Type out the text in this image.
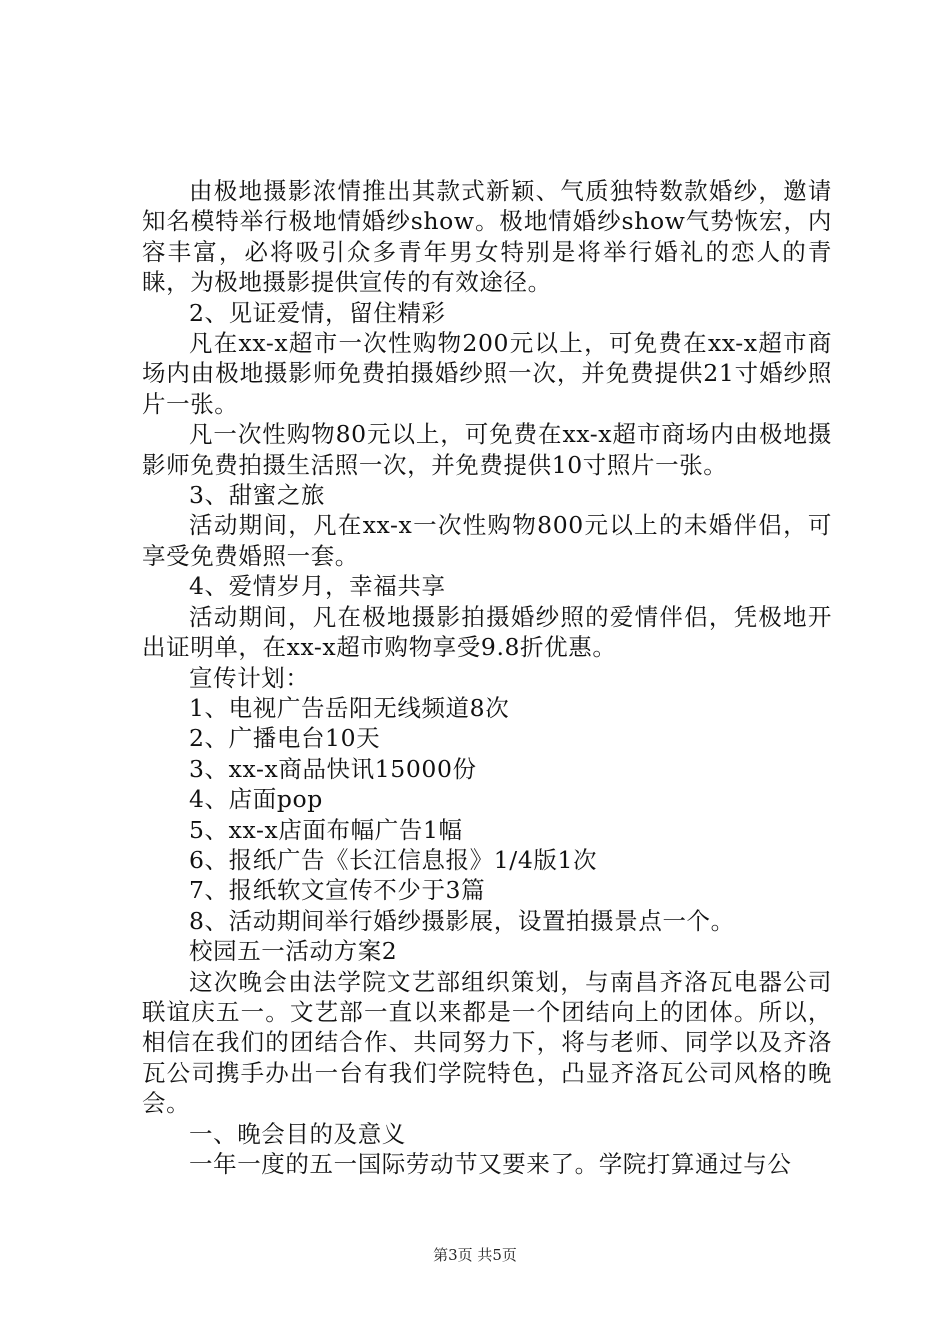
由极地摄影浓情推出其款式新颖、气质独特数款婚纱，邀请知名模特举行极地情婚纱show。极地情婚纱show气势恢宏，内容丰富，必将吸引众多青年男女特别是将举行婚礼的恋人的青睐，为极地摄影提供宣传的有效途径。

2、见证爱情，留住精彩

凡在xx-x超市一次性购物200元以上，可免费在xx-x超市商场内由极地摄影师免费拍摄婚纱照一次，并免费提供21寸婚纱照片一张。

凡一次性购物80元以上，可免费在xx-x超市商场内由极地摄影师免费拍摄生活照一次，并免费提供10寸照片一张。

3、甜蜜之旅

活动期间，凡在xx-x一次性购物800元以上的未婚伴侣，可享受免费婚照一套。

4、爱情岁月，幸福共享

活动期间，凡在极地摄影拍摄婚纱照的爱情伴侣，凭极地开出证明单，在xx-x超市购物享受9.8折优惠。

宣传计划：

1、电视广告岳阳无线频道8次

2、广播电台10天

3、xx-x商品快讯15000份

4、店面pop

5、xx-x店面布幅广告1幅

6、报纸广告《长江信息报》1/4版1次

7、报纸软文宣传不少于3篇

8、活动期间举行婚纱摄影展，设置拍摄景点一个。

校园五一活动方案2

这次晚会由法学院文艺部组织策划，与南昌齐洛瓦电器公司联谊庆五一。文艺部一直以来都是一个团结向上的团体。所以，相信在我们的团结合作、共同努力下，将与老师、同学以及齐洛瓦公司携手办出一台有我们学院特色，凸显齐洛瓦公司风格的晚会。

一、晚会目的及意义

一年一度的五一国际劳动节又要来了。学院打算通过与公

第3页 共5页
